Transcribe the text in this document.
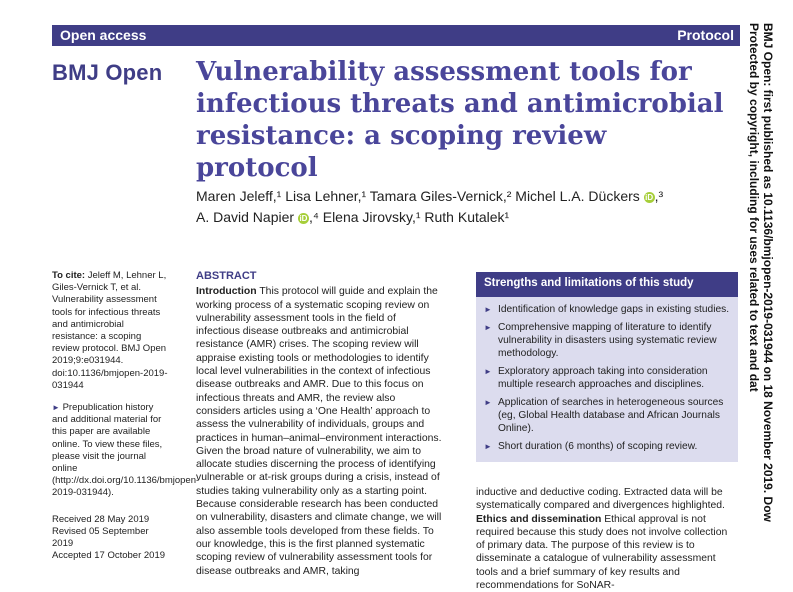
Open access	Protocol
BMJ Open Vulnerability assessment tools for infectious threats and antimicrobial resistance: a scoping review protocol
Maren Jeleff,¹ Lisa Lehner,¹ Tamara Giles-Vernick,² Michel L.A. Dückers iD ,³
A. David Napier iD ,⁴ Elena Jirovsky,¹ Ruth Kutalek¹

To cite: Jeleff M, Lehner L, Giles-Vernick T, et al. Vulnerability assessment tools for infectious threats and antimicrobial resistance: a scoping review protocol. BMJ Open 2019;9:e031944. doi:10.1136/bmjopen-2019-031944

► Prepublication history and additional material for this paper are available online. To view these files, please visit the journal online (http://dx.doi.org/10.1136/bmjopen-2019-031944).

Received 28 May 2019
Revised 05 September 2019
Accepted 17 October 2019

ABSTRACT
Introduction This protocol will guide and explain the working process of a systematic scoping review on vulnerability assessment tools in the field of infectious disease outbreaks and antimicrobial resistance (AMR) crises. The scoping review will appraise existing tools or methodologies to identify local level vulnerabilities in the context of infectious disease outbreaks and AMR. Due to this focus on infectious threats and AMR, the review also considers articles using a ‘One Health’ approach to assess the vulnerability of individuals, groups and practices in human–animal–environment interactions. Given the broad nature of vulnerability, we aim to allocate studies discerning the process of identifying vulnerable or at-risk groups during a crisis, instead of studies taking vulnerability only as a starting point. Because considerable research has been conducted on vulnerability, disasters and climate change, we will also assemble tools developed from these fields. To our knowledge, this is the first planned systematic scoping review of vulnerability assessment tools for disease outbreaks and AMR, taking
Strengths and limitations of this study
► Identification of knowledge gaps in existing studies.
► Comprehensive mapping of literature to identify vulnerability in disasters using systematic review methodology.
► Exploratory approach taking into consideration multiple research approaches and disciplines.
► Application of searches in heterogeneous sources (eg, Global Health database and African Journals Online).
► Short duration (6 months) of scoping review.
inductive and deductive coding. Extracted data will be systematically compared and divergences highlighted.
Ethics and dissemination Ethical approval is not required because this study does not involve collection of primary data. The purpose of this review is to disseminate a catalogue of vulnerability assessment tools and a brief summary of key results and recommendations for SoNAR-
BMJ Open: first published as 10.1136/bmjopen-2019-031944 on 18 November 2019. Dow
Protected by copyright, including for uses related to text and dat
